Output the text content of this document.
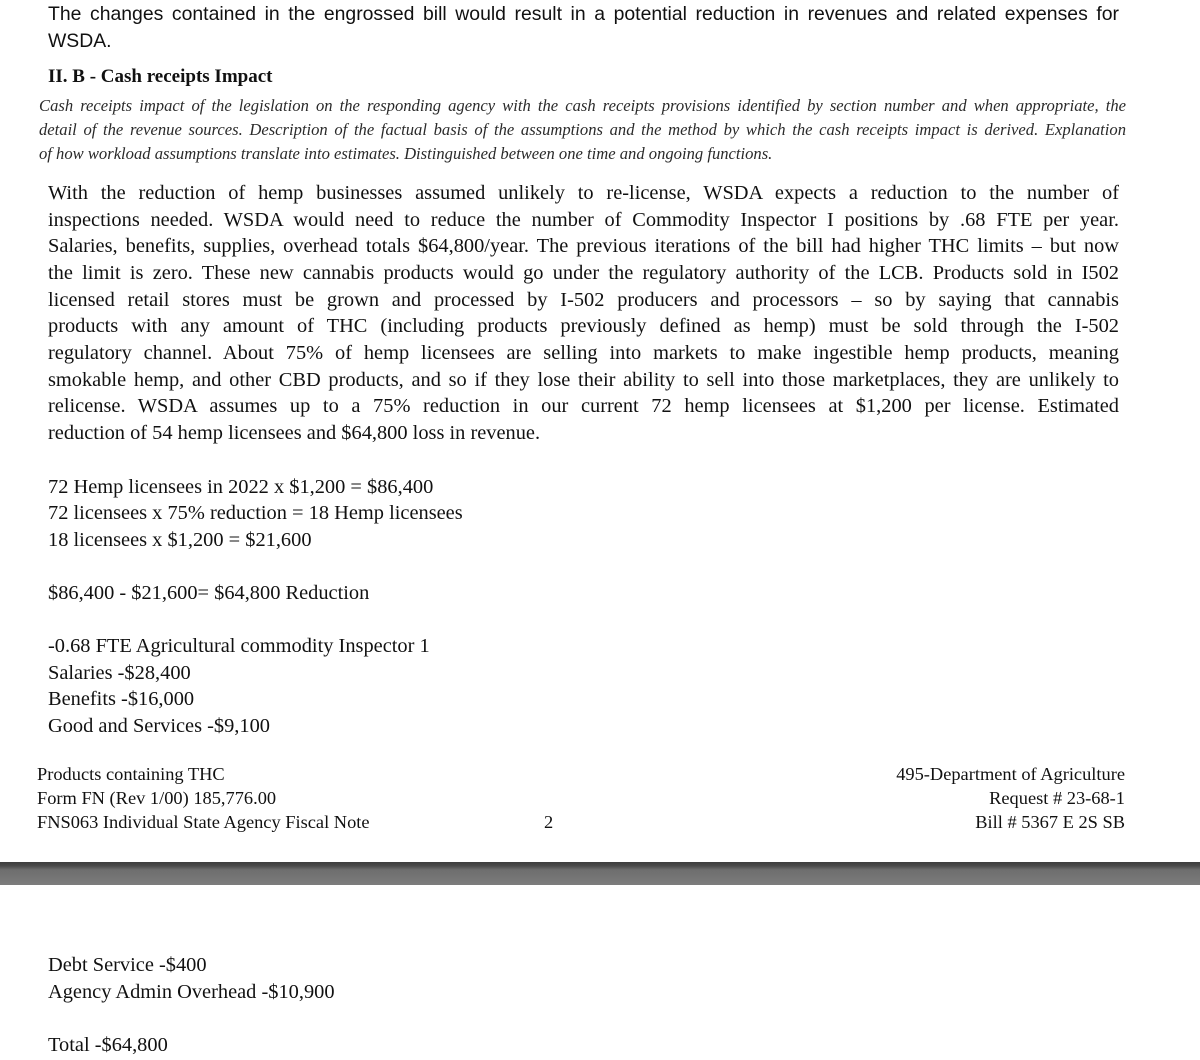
The changes contained in the engrossed bill would result in a potential reduction in revenues and related expenses for
WSDA.
II. B - Cash receipts Impact
Cash receipts impact of the legislation on the responding agency with the cash receipts provisions identified by section number and when appropriate, the
detail of the revenue sources. Description of the factual basis of the assumptions and the method by which the cash receipts impact is derived. Explanation
of how workload assumptions translate into estimates. Distinguished between one time and ongoing functions.
With the reduction of hemp businesses assumed unlikely to re-license, WSDA expects a reduction to the number of
inspections needed. WSDA would need to reduce the number of Commodity Inspector I positions by .68 FTE per year.
Salaries, benefits, supplies, overhead totals $64,800/year. The previous iterations of the bill had higher THC limits – but now
the limit is zero. These new cannabis products would go under the regulatory authority of the LCB. Products sold in I502
licensed retail stores must be grown and processed by I-502 producers and processors – so by saying that cannabis
products with any amount of THC (including products previously defined as hemp) must be sold through the I-502
regulatory channel. About 75% of hemp licensees are selling into markets to make ingestible hemp products, meaning
smokable hemp, and other CBD products, and so if they lose their ability to sell into those marketplaces, they are unlikely to
relicense. WSDA assumes up to a 75% reduction in our current 72 hemp licensees at $1,200 per license. Estimated
reduction of 54 hemp licensees and $64,800 loss in revenue.
72 Hemp licensees in 2022 x $1,200 = $86,400
72 licensees x 75% reduction = 18 Hemp licensees
18 licensees x $1,200 = $21,600
$86,400 - $21,600= $64,800 Reduction
-0.68 FTE Agricultural commodity Inspector 1
Salaries -$28,400
Benefits -$16,000
Good and Services -$9,100
Products containing THC
Form FN (Rev 1/00) 185,776.00
FNS063 Individual State Agency Fiscal Note	2
495-Department of Agriculture
Request # 23-68-1
Bill # 5367 E 2S SB
Debt Service -$400
Agency Admin Overhead -$10,900
Total -$64,800
